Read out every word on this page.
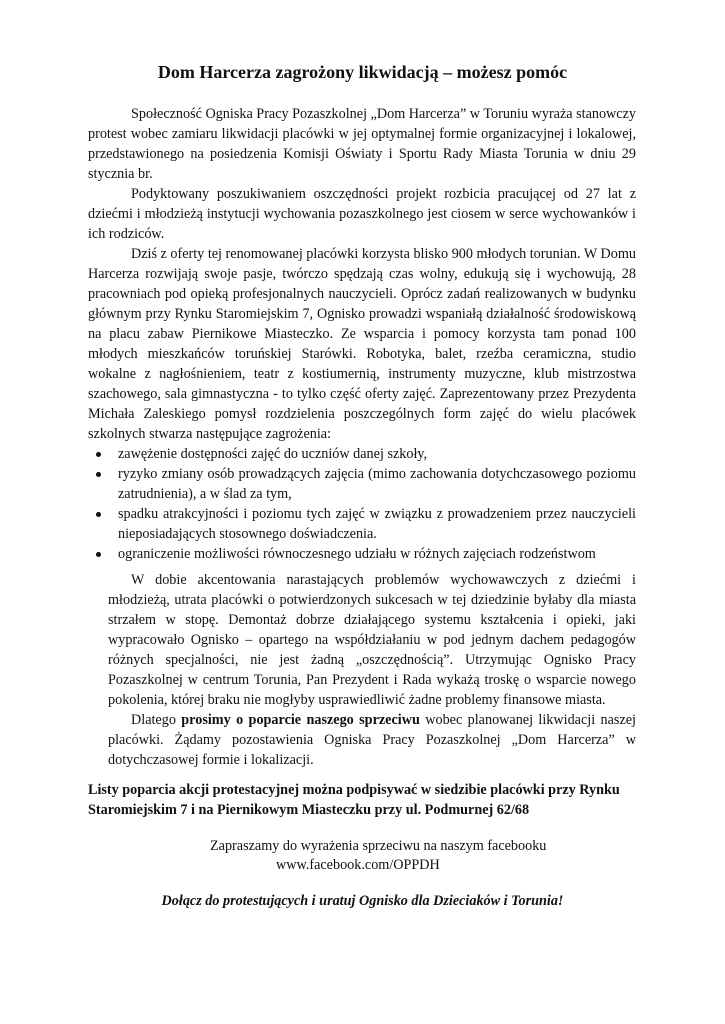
Dom Harcerza zagrożony likwidacją – możesz pomóc

Społeczność Ogniska Pracy Pozaszkolnej „Dom Harcerza” w Toruniu wyraża stanowczy protest wobec zamiaru likwidacji placówki w jej optymalnej formie organizacyjnej i lokalowej, przedstawionego na posiedzenia Komisji Oświaty i Sportu Rady Miasta Torunia w dniu 29 stycznia br.

Podyktowany poszukiwaniem oszczędności projekt rozbicia pracującej od 27 lat z dziećmi i młodzieżą instytucji wychowania pozaszkolnego jest ciosem w serce wychowanków i ich rodziców.

Dziś z oferty tej renomowanej placówki korzysta blisko 900 młodych torunian. W Domu Harcerza rozwijają swoje pasje, twórczo spędzają czas wolny, edukują się i wychowują, 28 pracowniach pod opieką profesjonalnych nauczycieli. Oprócz zadań realizowanych w budynku głównym przy Rynku Staromiejskim 7, Ognisko prowadzi wspaniałą działalność środowiskową na placu zabaw Piernikowe Miasteczko. Ze wsparcia i pomocy korzysta tam ponad 100 młodych mieszkańców toruńskiej Starówki. Robotyka, balet, rzeźba ceramiczna, studio wokalne z nagłośnieniem, teatr z kostiumernią, instrumenty muzyczne, klub mistrzostwa szachowego, sala gimnastyczna - to tylko część oferty zajęć. Zaprezentowany przez Prezydenta Michała Zaleskiego pomysł rozdzielenia poszczególnych form zajęć do wielu placówek szkolnych stwarza następujące zagrożenia:

zawężenie dostępności zajęć do uczniów danej szkoły,
ryzyko zmiany osób prowadzących zajęcia (mimo zachowania dotychczasowego poziomu zatrudnienia), a w ślad za tym,
spadku atrakcyjności i poziomu tych zajęć w związku z prowadzeniem przez nauczycieli nieposiadających stosownego doświadczenia.
ograniczenie możliwości równoczesnego udziału w różnych zajęciach rodzeństwom

W dobie akcentowania narastających problemów wychowawczych z dziećmi i młodzieżą, utrata placówki o potwierdzonych sukcesach w tej dziedzinie byłaby dla miasta strzałem w stopę. Demontaż dobrze działającego systemu kształcenia i opieki, jaki wypracowało Ognisko – opartego na współdziałaniu w pod jednym dachem pedagogów różnych specjalności, nie jest żadną „oszczędnością”. Utrzymując Ognisko Pracy Pozaszkolnej w centrum Torunia, Pan Prezydent i Rada wykażą troskę o wsparcie nowego pokolenia, której braku nie mogłyby usprawiedliwić żadne problemy finansowe miasta.

Dlatego prosimy o poparcie naszego sprzeciwu wobec planowanej likwidacji naszej placówki. Żądamy pozostawienia Ogniska Pracy Pozaszkolnej „Dom Harcerza” w dotychczasowej formie i lokalizacji.

Listy poparcia akcji protestacyjnej można podpisywać w siedzibie placówki przy Rynku Staromiejskim 7 i na Piernikowym Miasteczku przy ul. Podmurnej 62/68

Zapraszamy do wyrażenia sprzeciwu na naszym facebooku

www.facebook.com/OPPDH

Dołącz do protestujących i uratuj Ognisko dla Dzieciaków i Torunia!
